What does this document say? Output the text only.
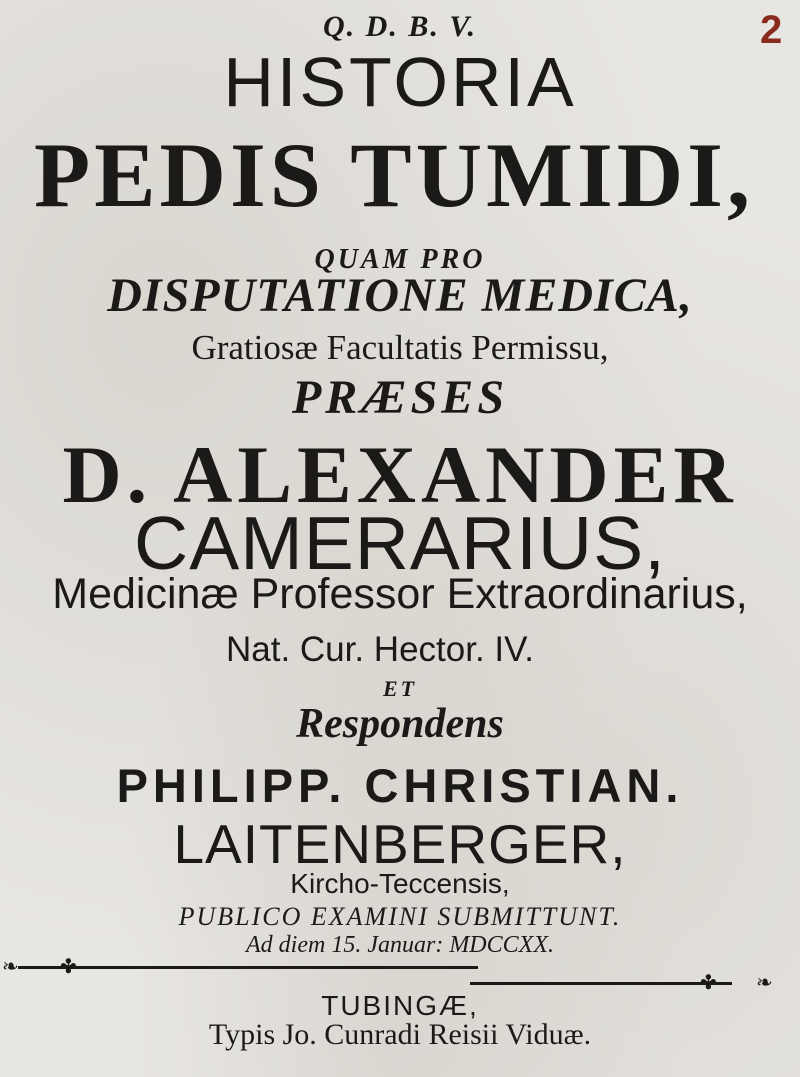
Q. D. B. V.	2
HISTORIA
PEDIS TUMIDI,
QUAM PRO
DISPUTATIONE MEDICA,
Gratiosæ Facultatis Permissu,
PRÆSES
D. ALEXANDER
CAMERARIUS,
Medicinæ Professor Extraordinarius,
Nat. Cur. Hector. IV.
ET
Respondens
PHILIPP. CHRISTIAN.
LAITENBERGER,
Kircho-Teccensis,
PUBLICO EXAMINI SUBMITTUNT.
Ad diem 15. Januar: MDCCXX.
❧ ✤
✤ ❧
TUBINGÆ,
Typis Jo. Cunradi Reisii Viduæ.
